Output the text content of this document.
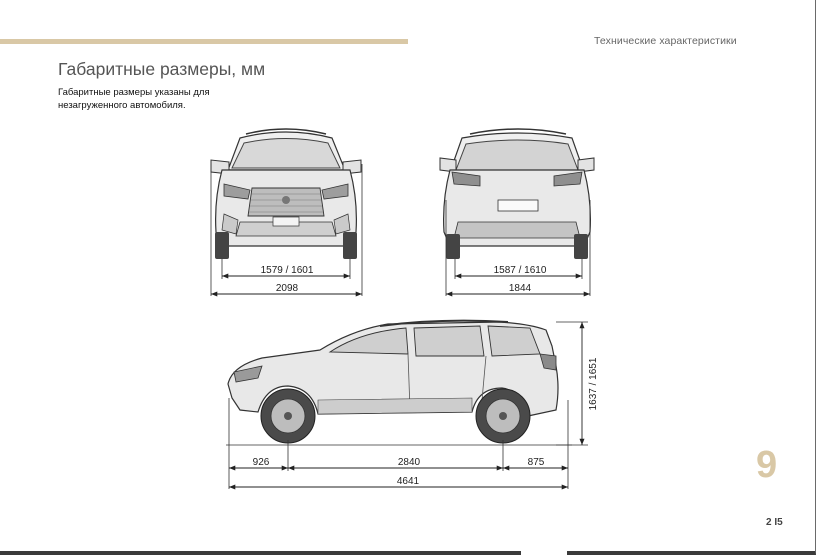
Технические характеристики
Габаритные размеры, мм
Габаритные размеры указаны для
незагруженного автомобиля.
1579 / 1601
2098
1587 / 1610
1844
1637 / 1651
926	2840	875
4641	9
2 I5
